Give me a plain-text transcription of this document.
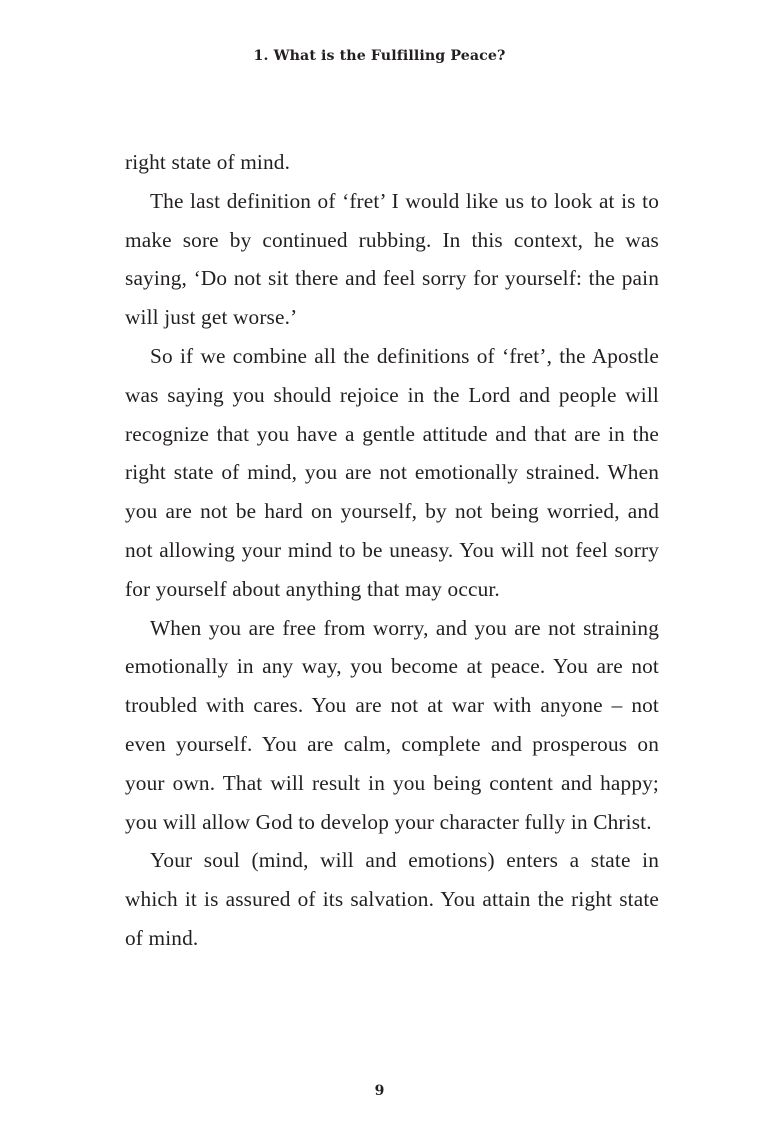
1. What is the Fulfilling Peace?

right state of mind.

The last definition of ‘fret’ I would like us to look at is to make sore by continued rubbing. In this context, he was saying, ‘Do not sit there and feel sorry for yourself: the pain will just get worse.’

So if we combine all the definitions of ‘fret’, the Apostle was saying you should rejoice in the Lord and people will recognize that you have a gentle attitude and that are in the right state of mind, you are not emotionally strained. When you are not be hard on yourself, by not being worried, and not allowing your mind to be uneasy. You will not feel sorry for yourself about anything that may occur.

When you are free from worry, and you are not straining emotionally in any way, you become at peace. You are not troubled with cares. You are not at war with anyone – not even yourself. You are calm, complete and prosperous on your own. That will result in you being content and happy; you will allow God to develop your character fully in Christ.

Your soul (mind, will and emotions) enters a state in which it is assured of its salvation. You attain the right state of mind.

9
